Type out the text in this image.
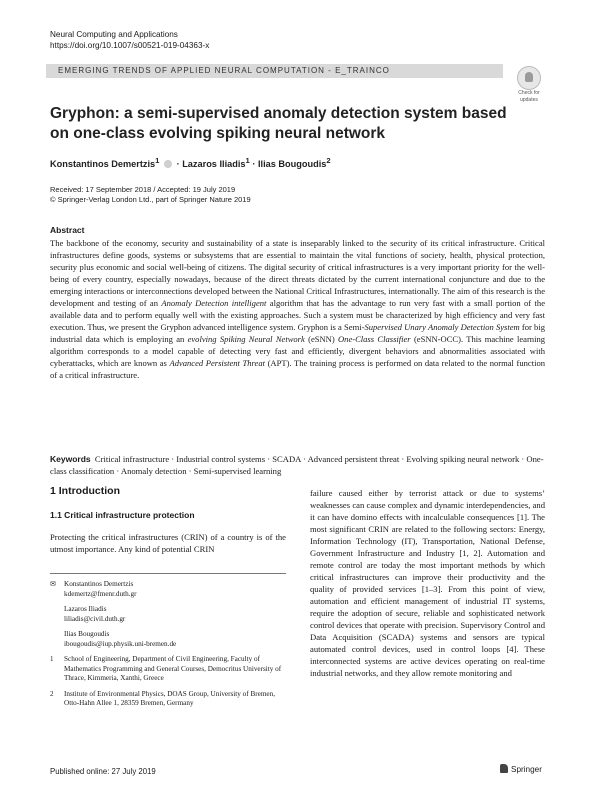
Neural Computing and Applications
https://doi.org/10.1007/s00521-019-04363-x
EMERGING TRENDS OF APPLIED NEURAL COMPUTATION - E_TRAINCO
Check for
updates
Gryphon: a semi-supervised anomaly detection system based on one-class evolving spiking neural network
Konstantinos Demertzis$^1$ · Lazaros Iliadis$^1$ · Ilias Bougoudis$^2$
Received: 17 September 2018 / Accepted: 19 July 2019
© Springer-Verlag London Ltd., part of Springer Nature 2019
Abstract
The backbone of the economy, security and sustainability of a state is inseparably linked to the security of its critical infrastructure. Critical infrastructures define goods, systems or subsystems that are essential to maintain the vital functions of society, health, physical protection, security plus economic and social well-being of citizens. The digital security of critical infrastructures is a very important priority for the well-being of every country, especially nowadays, because of the direct threats dictated by the current international conjuncture and due to the emerging interactions or interconnections developed between the National Critical Infrastructures, internationally. The aim of this research is the development and testing of an Anomaly Detection intelligent algorithm that has the advantage to run very fast with a small portion of the available data and to perform equally well with the existing approaches. Such a system must be characterized by high efficiency and very fast execution. Thus, we present the Gryphon advanced intelligence system. Gryphon is a Semi-Supervised Unary Anomaly Detection System for big industrial data which is employing an evolving Spiking Neural Network (eSNN) One-Class Classifier (eSNN-OCC). This machine learning algorithm corresponds to a model capable of detecting very fast and efficiently, divergent behaviors and abnormalities associated with cyberattacks, which are known as Advanced Persistent Threat (APT). The training process is performed on data related to the normal function of a critical infrastructure.
Keywords Critical infrastructure · Industrial control systems · SCADA · Advanced persistent threat · Evolving spiking neural network · One-class classification · Anomaly detection · Semi-supervised learning
1 Introduction
1.1 Critical infrastructure protection
Protecting the critical infrastructures (CRIN) of a country is of the utmost importance. Any kind of potential CRIN
✉ Konstantinos Demertzis
kdemertz@fmenr.duth.gr
Lazaros Iliadis
liliadis@civil.duth.gr
Ilias Bougoudis
ibougoudis@iup.physik.uni-bremen.de
1 School of Engineering, Department of Civil Engineering, Faculty of Mathematics Programming and General Courses, Democritus University of Thrace, Kimmeria, Xanthi, Greece
2 Institute of Environmental Physics, DOAS Group, University of Bremen, Otto-Hahn Allee 1, 28359 Bremen, Germany
failure caused either by terrorist attack or due to systems’ weaknesses can cause complex and dynamic interdependencies, and it can have domino effects with incalculable consequences [1]. The most significant CRIN are related to the following sectors: Energy, Information Technology (IT), Transportation, National Defense, Government Infrastructure and Industry [1, 2]. Automation and remote control are today the most important methods by which critical infrastructures can improve their productivity and the quality of provided services [1–3]. From this point of view, automation and efficient management of industrial IT systems, require the adoption of secure, reliable and sophisticated network control devices that operate with precision. Supervisory Control and Data Acquisition (SCADA) systems and sensors are typical automated control devices, used in control loops [4]. These interconnected systems are active devices operating on real-time industrial networks, and they allow remote monitoring and
Published online: 27 July 2019	Springer
